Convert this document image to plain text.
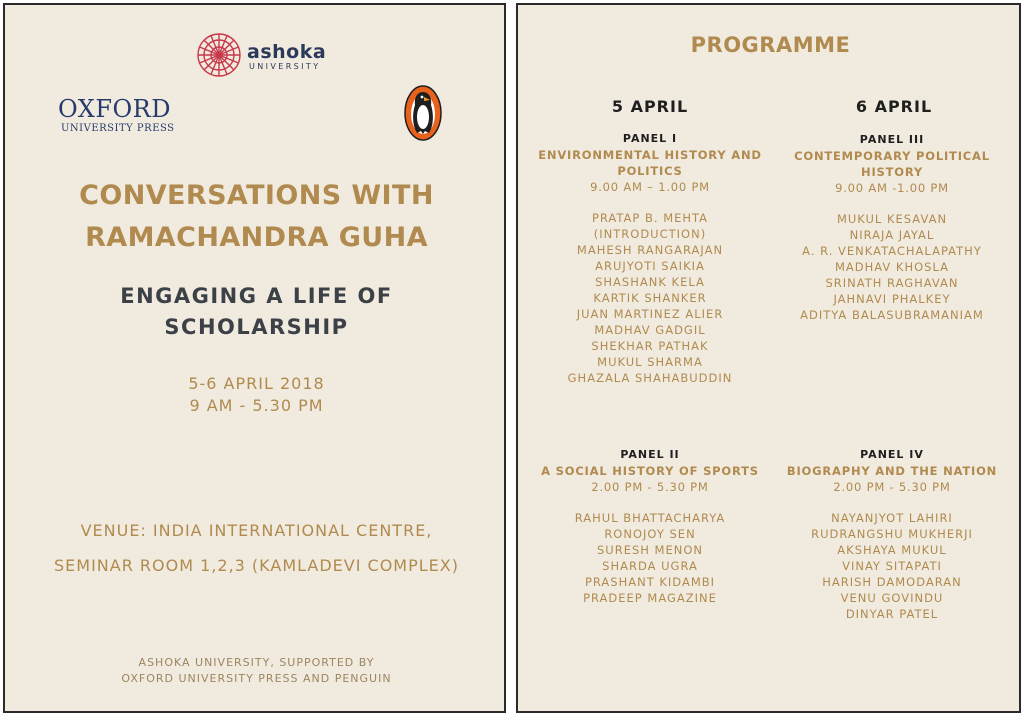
ashoka
UNIVERSITY
OXFORD
UNIVERSITY PRESS
CONVERSATIONS WITH
RAMACHANDRA GUHA
ENGAGING A LIFE OF
SCHOLARSHIP
5-6 APRIL 2018
9 AM - 5.30 PM
VENUE: INDIA INTERNATIONAL CENTRE,
SEMINAR ROOM 1,2,3 (KAMLADEVI COMPLEX)
ASHOKA UNIVERSITY, SUPPORTED BY
OXFORD UNIVERSITY PRESS AND PENGUIN
PROGRAMME
5 APRIL	6 APRIL
PANEL I
ENVIRONMENTAL HISTORY AND
POLITICS
9.00 AM – 1.00 PM
PRATAP B. MEHTA
(INTRODUCTION)
MAHESH RANGARAJAN
ARUJYOTI SAIKIA
SHASHANK KELA
KARTIK SHANKER
JUAN MARTINEZ ALIER
MADHAV GADGIL
SHEKHAR PATHAK
MUKUL SHARMA
GHAZALA SHAHABUDDIN
PANEL III
CONTEMPORARY POLITICAL
HISTORY
9.00 AM -1.00 PM
MUKUL KESAVAN
NIRAJA JAYAL
A. R. VENKATACHALAPATHY
MADHAV KHOSLA
SRINATH RAGHAVAN
JAHNAVI PHALKEY
ADITYA BALASUBRAMANIAM
PANEL II
A SOCIAL HISTORY OF SPORTS
2.00 PM - 5.30 PM
RAHUL BHATTACHARYA
RONOJOY SEN
SURESH MENON
SHARDA UGRA
PRASHANT KIDAMBI
PRADEEP MAGAZINE
PANEL IV
BIOGRAPHY AND THE NATION
2.00 PM - 5.30 PM
NAYANJYOT LAHIRI
RUDRANGSHU MUKHERJI
AKSHAYA MUKUL
VINAY SITAPATI
HARISH DAMODARAN
VENU GOVINDU
DINYAR PATEL
